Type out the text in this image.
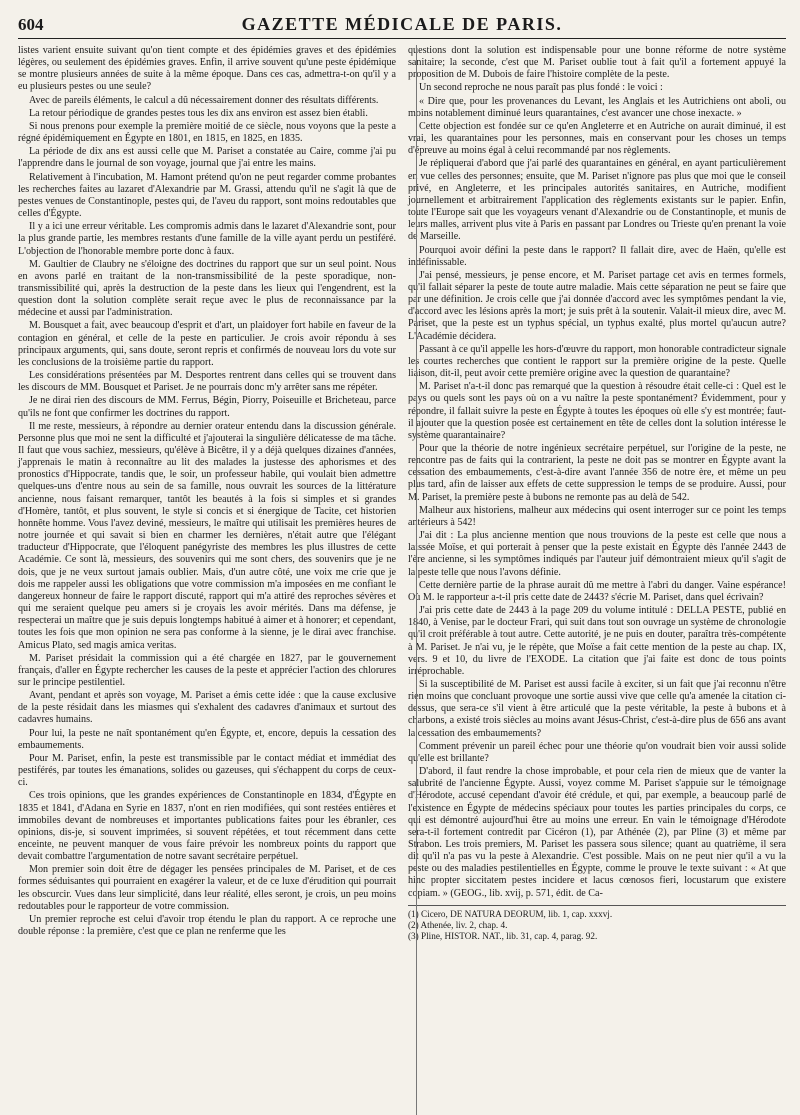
604	GAZETTE MÉDICALE DE PARIS.

listes varient ensuite suivant qu'on tient compte et des épidémies graves et des épidémies légères, ou seulement des épidémies graves. Enfin, il arrive souvent qu'une peste épidémique se montre plusieurs années de suite à la même époque. Dans ces cas, admettra-t-on qu'il y a eu plusieurs pestes ou une seule?

Avec de pareils éléments, le calcul a dû nécessairement donner des résultats différents.

La retour périodique de grandes pestes tous les dix ans environ est assez bien établi.

Si nous prenons pour exemple la première moitié de ce siècle, nous voyons que la peste a régné épidémiquement en Égypte en 1801, en 1815, en 1825, en 1835.

La période de dix ans est aussi celle que M. Pariset a constatée au Caire, comme j'ai pu l'apprendre dans le journal de son voyage, journal que j'ai entre les mains.

Relativement à l'incubation, M. Hamont prétend qu'on ne peut regarder comme probantes les recherches faites au lazaret d'Alexandrie par M. Grassi, attendu qu'il ne s'agit là que de pestes venues de Constantinople, pestes qui, de l'aveu du rapport, sont moins redoutables que celles d'Égypte.

Il y a ici une erreur véritable. Les compromis admis dans le lazaret d'Alexandrie sont, pour la plus grande partie, les membres restants d'une famille de la ville ayant perdu un pestiféré. L'objection de l'honorable membre porte donc à faux.

M. Gaultier de Claubry ne s'éloigne des doctrines du rapport que sur un seul point. Nous en avons parlé en traitant de la non-transmissibilité de la peste sporadique, non-transmissibilité qui, après la destruction de la peste dans les lieux qui l'engendrent, est la question dont la solution complète serait reçue avec le plus de reconnaissance par la médecine et aussi par l'administration.

M. Bousquet a fait, avec beaucoup d'esprit et d'art, un plaidoyer fort habile en faveur de la contagion en général, et celle de la peste en particulier. Je crois avoir répondu à ses principaux arguments, qui, sans doute, seront repris et confirmés de nouveau lors du vote sur les conclusions de la troisième partie du rapport.

Les considérations présentées par M. Desportes rentrent dans celles qui se trouvent dans les discours de MM. Bousquet et Pariset. Je ne pourrais donc m'y arrêter sans me répéter.

Je ne dirai rien des discours de MM. Ferrus, Bégin, Piorry, Poiseuille et Bricheteau, parce qu'ils ne font que confirmer les doctrines du rapport.

Il me reste, messieurs, à répondre au dernier orateur entendu dans la discussion générale. Personne plus que moi ne sent la difficulté et j'ajouterai la singulière délicatesse de ma tâche. Il faut que vous sachiez, messieurs, qu'élève à Bicêtre, il y a déjà quelques dizaines d'années, j'apprenais le matin à reconnaître au lit des malades la justesse des aphorismes et des pronostics d'Hippocrate, tandis que, le soir, un professeur habile, qui voulait bien admettre quelques-uns d'entre nous au sein de sa famille, nous ouvrait les sources de la littérature ancienne, nous faisant remarquer, tantôt les beautés à la fois si simples et si grandes d'Homère, tantôt, et plus souvent, le style si concis et si énergique de Tacite, cet historien honnête homme. Vous l'avez deviné, messieurs, le maître qui utilisait les premières heures de notre journée et qui savait si bien en charmer les dernières, n'était autre que l'élégant traducteur d'Hippocrate, que l'éloquent panégyriste des membres les plus illustres de cette Académie. Ce sont là, messieurs, des souvenirs qui me sont chers, des souvenirs que je ne dois, que je ne veux surtout jamais oublier. Mais, d'un autre côté, une voix me crie que je dois me rappeler aussi les obligations que votre commission m'a imposées en me confiant le dangereux honneur de faire le rapport discuté, rapport qui m'a attiré des reproches sévères et qui me seraient quelque peu amers si je croyais les avoir mérités. Dans ma défense, je respecterai un maître que je suis depuis longtemps habitué à aimer et à honorer; et cependant, toutes les fois que mon opinion ne sera pas conforme à la sienne, je le dirai avec franchise. Amicus Plato, sed magis amica veritas.

M. Pariset présidait la commission qui a été chargée en 1827, par le gouvernement français, d'aller en Égypte rechercher les causes de la peste et apprécier l'action des chlorures sur le principe pestilentiel.

Avant, pendant et après son voyage, M. Pariset a émis cette idée : que la cause exclusive de la peste résidait dans les miasmes qui s'exhalent des cadavres d'animaux et surtout des cadavres humains.

Pour lui, la peste ne naît spontanément qu'en Égypte, et, encore, depuis la cessation des embaumements.

Pour M. Pariset, enfin, la peste est transmissible par le contact médiat et immédiat des pestiférés, par toutes les émanations, solides ou gazeuses, qui s'échappent du corps de ceux-ci.

Ces trois opinions, que les grandes expériences de Constantinople en 1834, d'Égypte en 1835 et 1841, d'Adana en Syrie en 1837, n'ont en rien modifiées, qui sont restées entières et immobiles devant de nombreuses et importantes publications faites pour les ébranler, ces opinions, dis-je, si souvent imprimées, si souvent répétées, et tout récemment dans cette enceinte, ne peuvent manquer de vous faire prévoir les nombreux points du rapport que devait combattre l'argumentation de notre savant secrétaire perpétuel.

Mon premier soin doit être de dégager les pensées principales de M. Pariset, et de ces formes séduisantes qui pourraient en exagérer la valeur, et de ce luxe d'érudition qui pourrait les obscurcir. Vues dans leur simplicité, dans leur réalité, elles seront, je crois, un peu moins redoutables pour le rapporteur de votre commission.

Un premier reproche est celui d'avoir trop étendu le plan du rapport. A ce reproche une double réponse : la première, c'est que ce plan ne renferme que les

questions dont la solution est indispensable pour une bonne réforme de notre système sanitaire; la seconde, c'est que M. Pariset oublie tout à fait qu'il a fortement appuyé la proposition de M. Dubois de faire l'histoire complète de la peste.

Un second reproche ne nous paraît pas plus fondé : le voici :

« Dire que, pour les provenances du Levant, les Anglais et les Autrichiens ont aboli, ou moins notablement diminué leurs quarantaines, c'est avancer une chose inexacte. »

Cette objection est fondée sur ce qu'en Angleterre et en Autriche on aurait diminué, il est vrai, les quarantaines pour les personnes, mais en conservant pour les choses un temps d'épreuve au moins égal à celui recommandé par nos règlements.

Je répliquerai d'abord que j'ai parlé des quarantaines en général, en ayant particulièrement en vue celles des personnes; ensuite, que M. Pariset n'ignore pas plus que moi que le conseil privé, en Angleterre, et les principales autorités sanitaires, en Autriche, modifient journellement et arbitrairement l'application des règlements existants sur le papier. Enfin, toute l'Europe sait que les voyageurs venant d'Alexandrie ou de Constantinople, et munis de leurs malles, arrivent plus vite à Paris en passant par Londres ou Trieste qu'en prenant la voie de Marseille.

Pourquoi avoir défini la peste dans le rapport? Il fallait dire, avec de Haën, qu'elle est indéfinissable.

J'ai pensé, messieurs, je pense encore, et M. Pariset partage cet avis en termes formels, qu'il fallait séparer la peste de toute autre maladie. Mais cette séparation ne peut se faire que par une définition. Je crois celle que j'ai donnée d'accord avec les symptômes pendant la vie, d'accord avec les lésions après la mort; je suis prêt à la soutenir. Valait-il mieux dire, avec M. Pariset, que la peste est un typhus spécial, un typhus exalté, plus mortel qu'aucun autre? L'Académie décidera.

Passant à ce qu'il appelle les hors-d'œuvre du rapport, mon honorable contradicteur signale les courtes recherches que contient le rapport sur la première origine de la peste. Quelle liaison, dit-il, peut avoir cette première origine avec la question de quarantaine?

M. Pariset n'a-t-il donc pas remarqué que la question à résoudre était celle-ci : Quel est le pays ou quels sont les pays où on a vu naître la peste spontanément? Évidemment, pour y répondre, il fallait suivre la peste en Égypte à toutes les époques où elle s'y est montrée; faut-il ajouter que la question posée est certainement en tête de celles dont la solution intéresse le système quarantainaire?

Pour que la théorie de notre ingénieux secrétaire perpétuel, sur l'origine de la peste, ne rencontre pas de faits qui la contrarient, la peste ne doit pas se montrer en Égypte avant la cessation des embaumements, c'est-à-dire avant l'année 356 de notre ère, et même un peu plus tard, afin de laisser aux effets de cette suppression le temps de se produire. Aussi, pour M. Pariset, la première peste à bubons ne remonte pas au delà de 542.

Malheur aux historiens, malheur aux médecins qui osent interroger sur ce point les temps antérieurs à 542!

J'ai dit : La plus ancienne mention que nous trouvions de la peste est celle que nous a laissée Moïse, et qui porterait à penser que la peste existait en Égypte dès l'année 2443 de l'ère ancienne, si les symptômes indiqués par l'auteur juif démontraient mieux qu'il s'agit de la peste telle que nous l'avons définie.

Cette dernière partie de la phrase aurait dû me mettre à l'abri du danger. Vaine espérance! Où M. le rapporteur a-t-il pris cette date de 2443? s'écrie M. Pariset, dans quel écrivain?

J'ai pris cette date de 2443 à la page 209 du volume intitulé : DELLA PESTE, publié en 1840, à Venise, par le docteur Frari, qui suit dans tout son ouvrage un système de chronologie qu'il croit préférable à tout autre. Cette autorité, je ne puis en douter, paraîtra très-compétente à M. Pariset. Je n'ai vu, je le répète, que Moïse a fait cette mention de la peste au chap. IX, vers. 9 et 10, du livre de l'EXODE. La citation que j'ai faite est donc de tous points irréprochable.

Si la susceptibilité de M. Pariset est aussi facile à exciter, si un fait que j'ai reconnu n'être rien moins que concluant provoque une sortie aussi vive que celle qu'a amenée la citation ci-dessus, que sera-ce s'il vient à être articulé que la peste véritable, la peste à bubons et à charbons, a existé trois siècles au moins avant Jésus-Christ, c'est-à-dire plus de 656 ans avant la cessation des embaumements?

Comment prévenir un pareil échec pour une théorie qu'on voudrait bien voir aussi solide qu'elle est brillante?

D'abord, il faut rendre la chose improbable, et pour cela rien de mieux que de vanter la salubrité de l'ancienne Égypte. Aussi, voyez comme M. Pariset s'appuie sur le témoignage d'Hérodote, accusé cependant d'avoir été crédule, et qui, par exemple, a beaucoup parlé de l'existence en Égypte de médecins spéciaux pour toutes les parties principales du corps, ce qui est démontré aujourd'hui être au moins une erreur. En vain le témoignage d'Hérodote sera-t-il fortement contredit par Cicéron (1), par Athénée (2), par Pline (3) et même par Strabon. Les trois premiers, M. Pariset les passera sous silence; quant au quatrième, il sera dit qu'il n'a pas vu la peste à Alexandrie. C'est possible. Mais on ne peut nier qu'il a vu la peste ou des maladies pestilentielles en Égypte, comme le prouve le texte suivant : « At que hinc propter siccitatem pestes incidere et lacus cœnosos fieri, locustarum que existere copiam. » (GEOG., lib. xvij, p. 571, édit. de Ca-

(1) Cicero, DE NATURA DEORUM, lib. 1, cap. xxxvj.
(2) Athenée, liv. 2, chap. 4.
(3) Pline, HISTOR. NAT., lib. 31, cap. 4, parag. 92.
